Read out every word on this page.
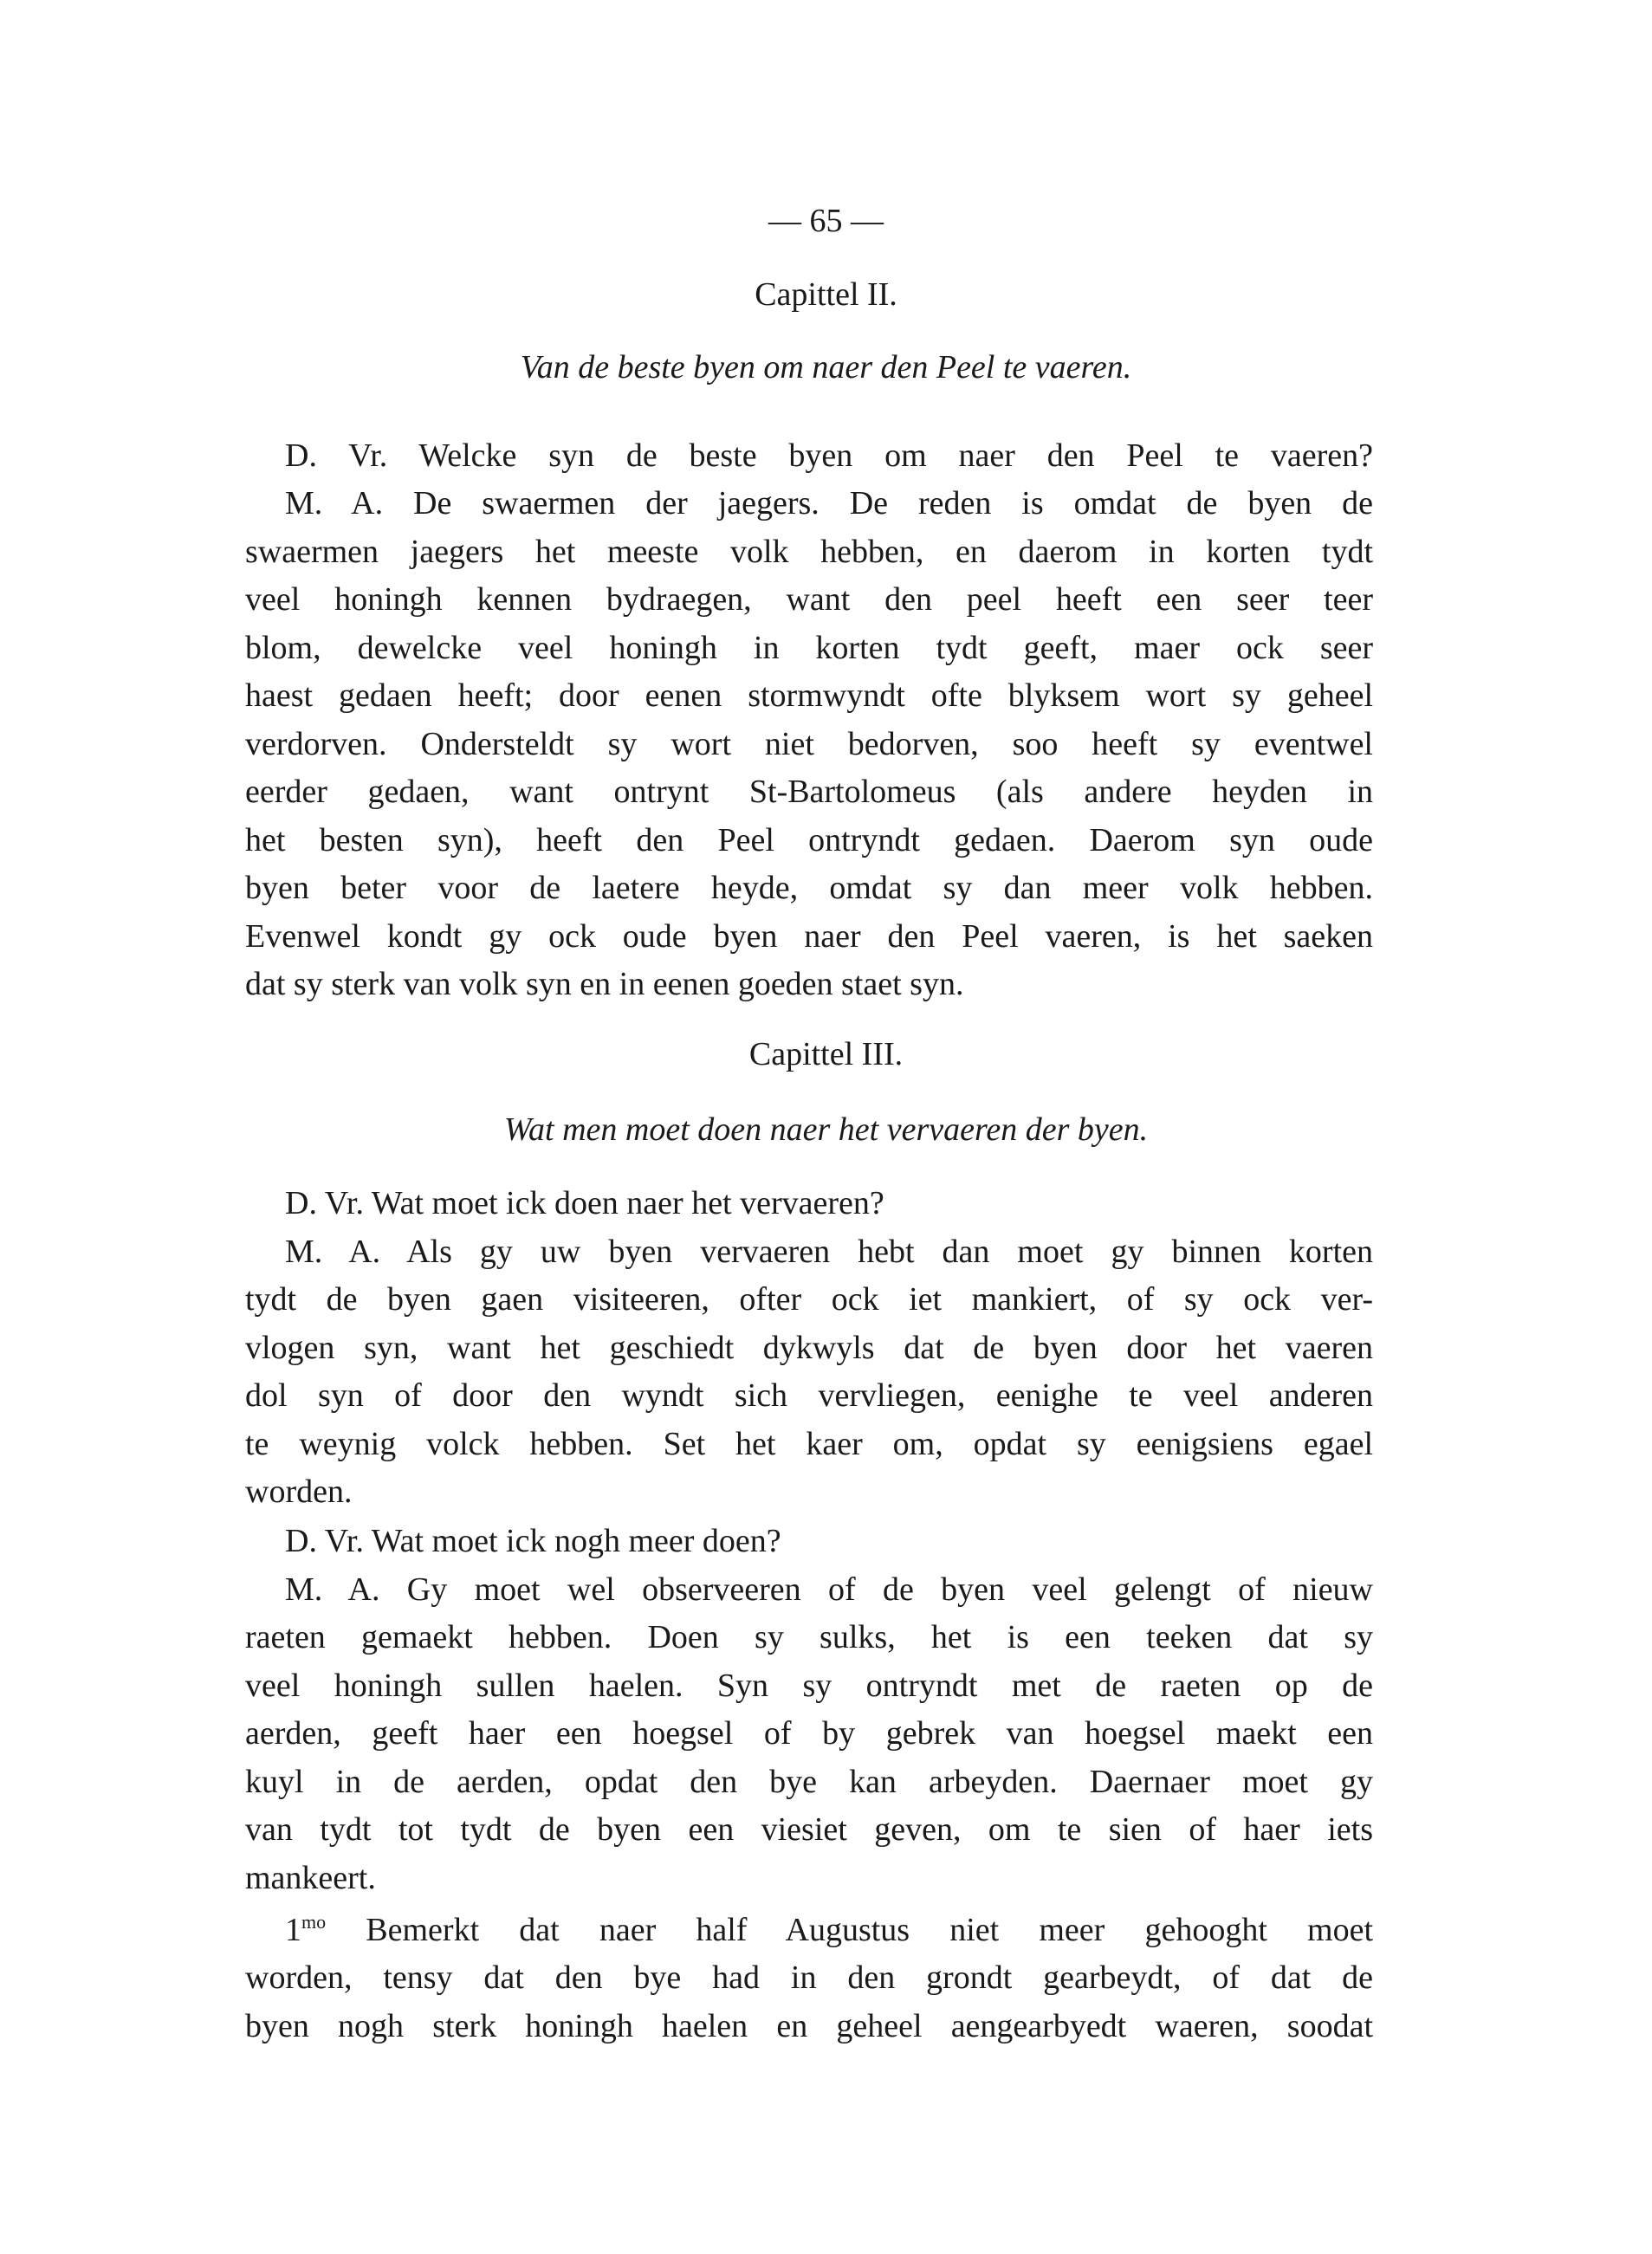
— 65 —
Capittel II.
Van de beste byen om naer den Peel te vaeren.
D. Vr. Welcke syn de beste byen om naer den Peel te vaeren?
M. A. De swaermen der jaegers. De reden is omdat de byen de
swaermen jaegers het meeste volk hebben, en daerom in korten tydt
veel honingh kennen bydraegen, want den peel heeft een seer teer
blom, dewelcke veel honingh in korten tydt geeft, maer ock seer
haest gedaen heeft; door eenen stormwyndt ofte blyksem wort sy geheel
verdorven. Ondersteldt sy wort niet bedorven, soo heeft sy eventwel
eerder gedaen, want ontrynt St-Bartolomeus (als andere heyden in
het besten syn), heeft den Peel ontryndt gedaen. Daerom syn oude
byen beter voor de laetere heyde, omdat sy dan meer volk hebben.
Evenwel kondt gy ock oude byen naer den Peel vaeren, is het saeken
dat sy sterk van volk syn en in eenen goeden staet syn.
Capittel III.
Wat men moet doen naer het vervaeren der byen.
D. Vr. Wat moet ick doen naer het vervaeren?
M. A. Als gy uw byen vervaeren hebt dan moet gy binnen korten
tydt de byen gaen visiteeren, ofter ock iet mankiert, of sy ock ver-
vlogen syn, want het geschiedt dykwyls dat de byen door het vaeren
dol syn of door den wyndt sich vervliegen, eenighe te veel anderen
te weynig volck hebben. Set het kaer om, opdat sy eenigsiens egael
worden.
D. Vr. Wat moet ick nogh meer doen?
M. A. Gy moet wel observeeren of de byen veel gelengt of nieuw
raeten gemaekt hebben. Doen sy sulks, het is een teeken dat sy
veel honingh sullen haelen. Syn sy ontryndt met de raeten op de
aerden, geeft haer een hoegsel of by gebrek van hoegsel maekt een
kuyl in de aerden, opdat den bye kan arbeyden. Daernaer moet gy
van tydt tot tydt de byen een viesiet geven, om te sien of haer iets
mankeert.
$1^{mo}$ Bemerkt dat naer half Augustus niet meer gehooght moet
worden, tensy dat den bye had in den grondt gearbeydt, of dat de
byen nogh sterk honingh haelen en geheel aengearbyedt waeren, soodat
